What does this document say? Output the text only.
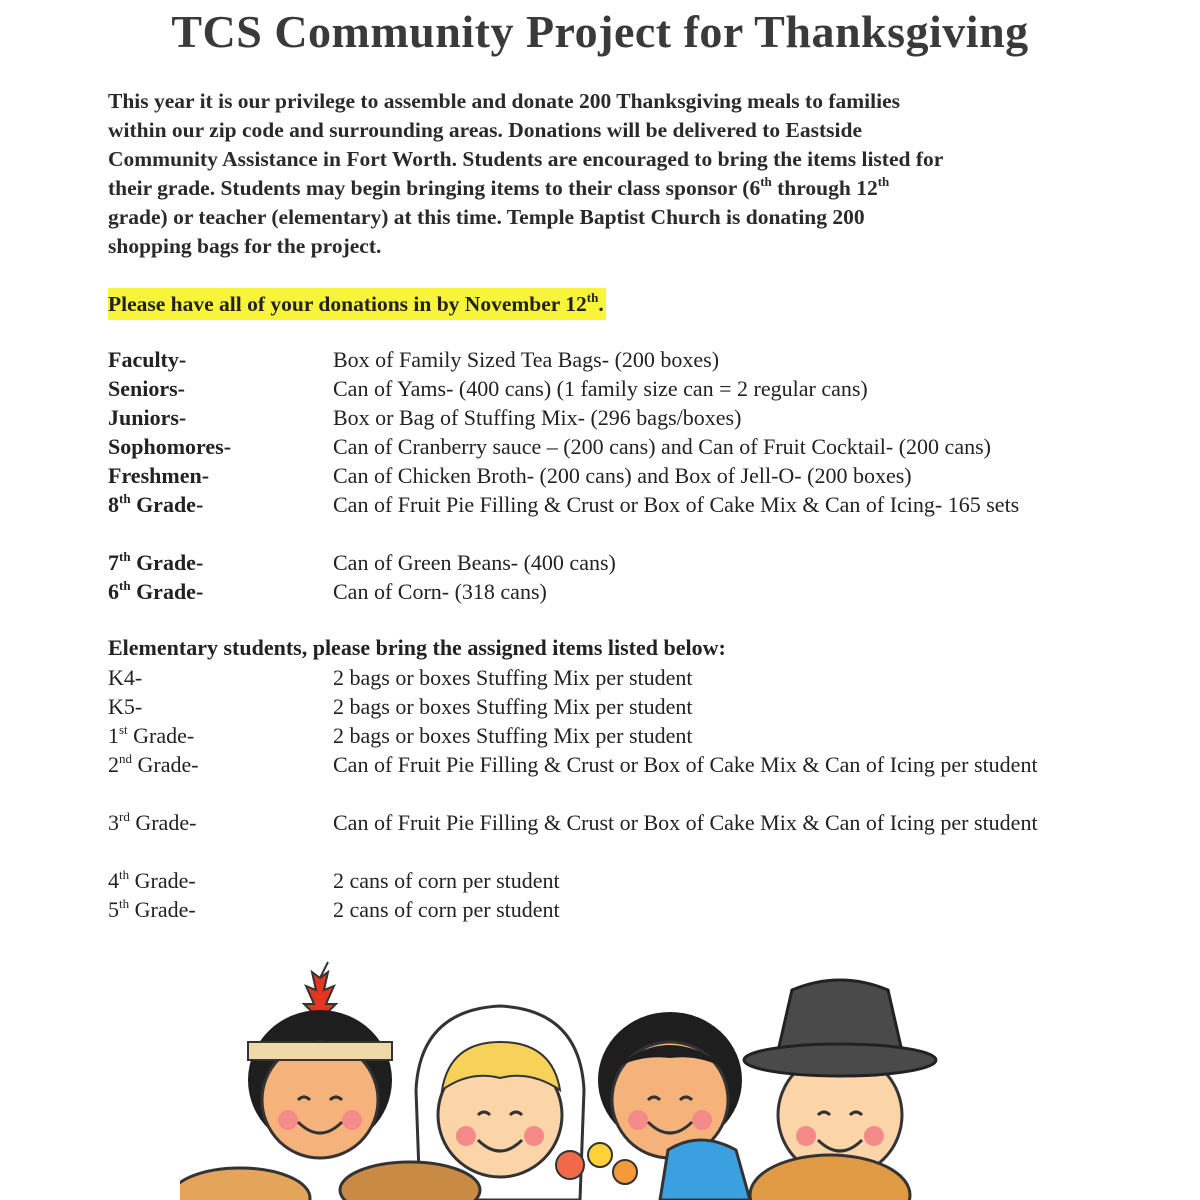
TCS Community Project for Thanksgiving
This year it is our privilege to assemble and donate 200 Thanksgiving meals to families
within our zip code and surrounding areas. Donations will be delivered to Eastside
Community Assistance in Fort Worth. Students are encouraged to bring the items listed for
their grade. Students may begin bringing items to their class sponsor (6th through 12th
grade) or teacher (elementary) at this time. Temple Baptist Church is donating 200
shopping bags for the project.
Please have all of your donations in by November 12th.
Faculty-	Box of Family Sized Tea Bags- (200 boxes)
Seniors-	Can of Yams- (400 cans) (1 family size can = 2 regular cans)
Juniors-	Box or Bag of Stuffing Mix- (296 bags/boxes)
Sophomores-	Can of Cranberry sauce – (200 cans) and Can of Fruit Cocktail- (200 cans)
Freshmen-	Can of Chicken Broth- (200 cans) and Box of Jell-O- (200 boxes)
8th Grade-	Can of Fruit Pie Filling & Crust or Box of Cake Mix & Can of Icing- 165 sets
7th Grade-	Can of Green Beans- (400 cans)
6th Grade-	Can of Corn- (318 cans)
Elementary students, please bring the assigned items listed below:
K4-	2 bags or boxes Stuffing Mix per student
K5-	2 bags or boxes Stuffing Mix per student
1st Grade-	2 bags or boxes Stuffing Mix per student
2nd Grade-	Can of Fruit Pie Filling & Crust or Box of Cake Mix & Can of Icing per student
3rd Grade-	Can of Fruit Pie Filling & Crust or Box of Cake Mix & Can of Icing per student
4th Grade-	2 cans of corn per student
5th Grade-	2 cans of corn per student
